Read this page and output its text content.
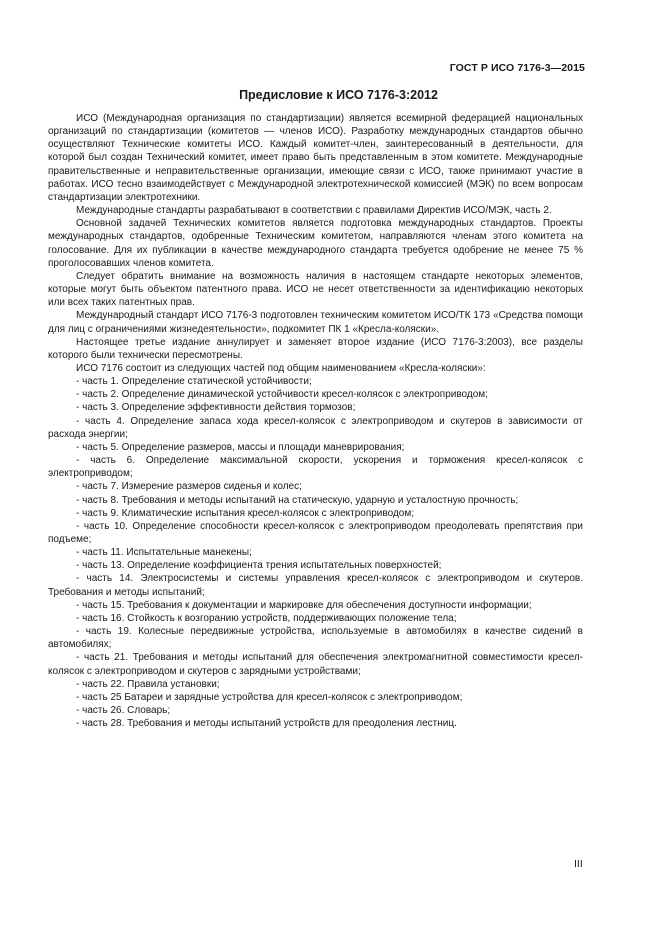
ГОСТ Р ИСО 7176-3—2015
Предисловие к ИСО 7176-3:2012

ИСО (Международная организация по стандартизации) является всемирной федерацией национальных организаций по стандартизации (комитетов — членов ИСО). Разработку международных стандартов обычно осуществляют Технические комитеты ИСО. Каждый комитет-член, заинтересованный в деятельности, для которой был создан Технический комитет, имеет право быть представленным в этом комитете. Международные правительственные и неправительственные организации, имеющие связи с ИСО, также принимают участие в работах. ИСО тесно взаимодействует с Международной электротехнической комиссией (МЭК) по всем вопросам стандартизации электротехники.

Международные стандарты разрабатывают в соответствии с правилами Директив ИСО/МЭК, часть 2.

Основной задачей Технических комитетов является подготовка международных стандартов. Проекты международных стандартов, одобренные Техническим комитетом, направляются членам этого комитета на голосование. Для их публикации в качестве международного стандарта требуется одобрение не менее 75 % проголосовавших членов комитета.

Следует обратить внимание на возможность наличия в настоящем стандарте некоторых элементов, которые могут быть объектом патентного права. ИСО не несет ответственности за идентификацию некоторых или всех таких патентных прав.

Международный стандарт ИСО 7176-3 подготовлен техническим комитетом ИСО/ТК 173 «Средства помощи для лиц с ограничениями жизнедеятельности», подкомитет ПК 1 «Кресла-коляски».

Настоящее третье издание аннулирует и заменяет второе издание (ИСО 7176-3:2003), все разделы которого были технически пересмотрены.

ИСО 7176 состоит из следующих частей под общим наименованием «Кресла-коляски»:

- часть 1. Определение статической устойчивости;

- часть 2. Определение динамической устойчивости кресел-колясок с электроприводом;

- часть 3. Определение эффективности действия тормозов;

- часть 4. Определение запаса хода кресел-колясок с электроприводом и скутеров в зависимости от расхода энергии;

- часть 5. Определение размеров, массы и площади маневрирования;

- часть 6. Определение максимальной скорости, ускорения и торможения кресел-колясок с электроприводом;

- часть 7. Измерение размеров сиденья и колес;

- часть 8. Требования и методы испытаний на статическую, ударную и усталостную прочность;

- часть 9. Климатические испытания кресел-колясок с электроприводом;

- часть 10. Определение способности кресел-колясок с электроприводом преодолевать препятствия при подъеме;

- часть 11. Испытательные манекены;

- часть 13. Определение коэффициента трения испытательных поверхностей;

- часть 14. Электросистемы и системы управления кресел-колясок с электроприводом и скутеров. Требования и методы испытаний;

- часть 15. Требования к документации и маркировке для обеспечения доступности информации;

- часть 16. Стойкость к возгоранию устройств, поддерживающих положение тела;

- часть 19. Колесные передвижные устройства, используемые в автомобилях в качестве сидений в автомобилях;

- часть 21. Требования и методы испытаний для обеспечения электромагнитной совместимости кресел-колясок с электроприводом и скутеров с зарядными устройствами;

- часть 22. Правила установки;

- часть 25 Батареи и зарядные устройства для кресел-колясок с электроприводом;

- часть 26. Словарь;

- часть 28. Требования и методы испытаний устройств для преодоления лестниц.

III
